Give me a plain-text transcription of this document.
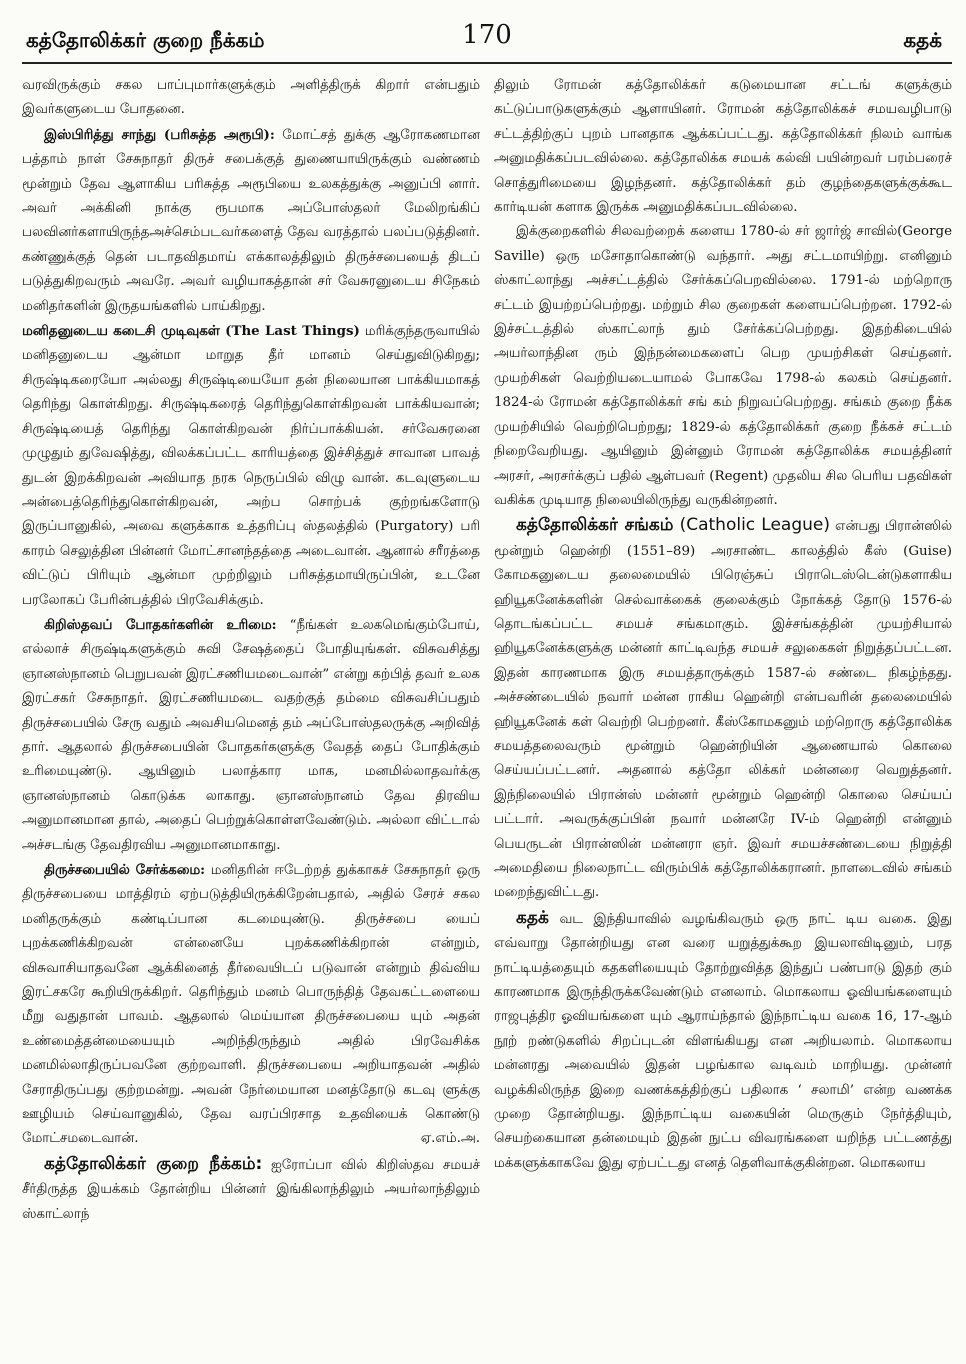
கத்தோலிக்கர் குறை நீக்கம்	170	கதக்

வரவிருக்கும் சகல பாப்புமார்களுக்கும் அளித்திருக் கிறார் என்பதும் இவர்களுடைய போதனை.

இஸ்பிரித்து சாந்து (பரிசுத்த அரூபி): மோட்சத் துக்கு ஆரோகணமான பத்தாம் நாள் சேசுநாதர் திருச் சபைக்குத் துணையாயிருக்கும் வண்ணம் மூன்றும் தேவ ஆளாகிய பரிசுத்த அரூபியை உலகத்துக்கு அனுப்பி னார். அவர் அக்கினி நாக்கு ரூபமாக அப்போஸ்தலர் மேலிறங்கிப் பலவினர்களாயிருந்தஅச்செம்படவர்களைத் தேவ வரத்தால் பலப்படுத்தினர். கண்ணுக்குத் தென் படாதவிதமாய் எக்காலத்திலும் திருச்சபையைத் திடப் படுத்துகிறவரும் அவரே. அவர் வழியாகத்தான் சர் வேசுரனுடைய சிநேகம் மனிதர்களின் இருதயங்களில் பாய்கிறது.

மனிதனுடைய கடைசி முடிவுகள் (The Last Things) மரிக்குந்தருவாயில் மனிதனுடைய ஆன்மா மாறுத தீர் மானம் செய்துவிடுகிறது; சிருஷ்டிகரையோ அல்லது சிருஷ்டியையோ தன் நிலையான பாக்கியமாகத் தெரிந்து கொள்கிறது. சிருஷ்டிகரைத் தெரிந்துகொள்கிறவன் பாக்கியவான்; சிருஷ்டியைத் தெரிந்து கொள்கிறவன் நிர்ப்பாக்கியன். சர்வேசுரனை முழுதும் துவேஷித்து, விலக்கப்பட்ட காரியத்தை இச்சித்துச் சாவான பாவத் துடன் இறக்கிறவன் அவியாத நரக நெருப்பில் விழு வான். கடவுளுடைய அன்பைத்தெரிந்துகொள்கிறவன், அற்ப சொற்பக் குற்றங்களோடு இருப்பானுகில், அவை களுக்காக உத்தரிப்பு ஸ்தலத்தில் (Purgatory) பரி காரம் செலுத்தின பின்னர் மோட்சானந்தத்தை அடைவான். ஆனால் சரீரத்தை விட்டுப் பிரியும் ஆன்மா முற்றிலும் பரிசுத்தமாயிருப்பின், உடனே பரலோகப் பேரின்பத்தில் பிரவேசிக்கும்.

கிறிஸ்தவப் போதகர்களின் உரிமை: “நீங்கள் உலகமெங்கும்போய், எல்லாச் சிருஷ்டிகளுக்கும் சுவி சேஷத்தைப் போதியுங்கள். விசுவசித்து ஞானஸ்நானம் பெறுபவன் இரட்சணியமடைவான்” என்று கற்பித் தவர் உலக இரட்சகர் சேசுநாதர். இரட்சணியமடை வதற்குத் தம்மை விசுவசிப்பதும் திருச்சபையில் சேரு வதும் அவசியமெனத் தம் அப்போஸ்தலருக்கு அறிவித் தார். ஆதலால் திருச்சபையின் போதகர்களுக்கு வேதத் தைப் போதிக்கும் உரிமையுண்டு. ஆயினும் பலாத்கார மாக, மனமில்லாதவர்க்கு ஞானஸ்நானம் கொடுக்க லாகாது. ஞானஸ்நானம் தேவ திரவிய அனுமானமான தால், அதைப் பெற்றுக்கொள்ளவேண்டும். அல்லா விட்டால் அச்சடங்கு தேவதிரவிய அனுமானமாகாது.

திருச்சபையில் சேர்க்கமை: மனிதரின் ஈடேற்றத் துக்காகச் சேசுநாதர் ஒரு திருச்சபையை மாத்திரம் ஏற்படுத்தியிருக்கிறேன்பதால், அதில் சேரச் சகல மனிதருக்கும் கண்டிப்பான கடமையுண்டு. திருச்சபை யைப் புறக்கணிக்கிறவன் என்னையே புறக்கணிக்கிறான் என்றும், விசுவாசியாதவனே ஆக்கினைத் தீர்வையிடப் படுவான் என்றும் திவ்விய இரட்சகரே கூறியிருக்கிறர். தெரிந்தும் மனம் பொருந்தித் தேவகட்டளையை மீறு வதுதான் பாவம். ஆதலால் மெய்யான திருச்சபையை யும் அதன் உண்மைத்தன்மையையும் அறிந்திருந்தும் அதில் பிரவேசிக்க மனமில்லாதிருப்பவனே குற்றவாளி. திருச்சபையை அறியாதவன் அதில் சேராதிருப்பது குற்றமன்று. அவன் நேர்மையான மனத்தோடு கடவு ளுக்கு ஊழியம் செய்வானுகில், தேவ வரப்பிரசாத உதவியைக் கொண்டு மோட்சமடைவான்.	ஏ.எம்.அ.

கத்தோலிக்கர் குறை நீக்கம்: ஐரோப்பா வில் கிறிஸ்தவ சமயச் சீர்திருத்த இயக்கம் தோன்றிய பின்னர் இங்கிலாந்திலும் அயர்லாந்திலும் ஸ்காட்லாந்

திலும் ரோமன் கத்தோலிக்கர் கடுமையான சட்டங் களுக்கும் கட்டுப்பாடுகளுக்கும் ஆளாயினர். ரோமன் கத்தோலிக்கச் சமயவழிபாடு சட்டத்திற்குப் புறம் பானதாக ஆக்கப்பட்டது. கத்தோலிக்கர் நிலம் வாங்க அனுமதிக்கப்படவில்லை. கத்தோலிக்க சமயக் கல்வி பயின்றவர் பரம்பரைச் சொத்துரிமையை இழந்தனர். கத்தோலிக்கர் தம் குழந்தைகளுக்குக்கூட கார்டியன் களாக இருக்க அனுமதிக்கப்படவில்லை.

இக்குறைகளில் சிலவற்றைக் களைய 1780-ல் சர் ஜார்ஜ் சாவில்(George Saville) ஒரு மசோதாகொண்டு வந்தார். அது சட்டமாயிற்று. எனினும் ஸ்காட்லாந்து அச்சட்டத்தில் சேர்க்கப்பெறவில்லை. 1791-ல் மற்றொரு சட்டம் இயற்றப்பெற்றது. மற்றும் சில குறைகள் களையப்பெற்றன. 1792-ல் இச்சட்டத்தில் ஸ்காட்லாந் தும் சேர்க்கப்பெற்றது. இதற்கிடையில் அயர்லாந்தின ரும் இந்நன்மைகளைப் பெற முயற்சிகள் செய்தனர். முயற்சிகள் வெற்றியடையாமல் போகவே 1798-ல் கலகம் செய்தனர். 1824-ல் ரோமன் கத்தோலிக்கர் சங் கம் நிறுவப்பெற்றது. சங்கம் குறை நீக்க முயற்சியில் வெற்றிபெற்றது; 1829-ல் கத்தோலிக்கர் குறை நீக்கச் சட்டம் நிறைவேறியது. ஆயினும் இன்னும் ரோமன் கத்தோலிக்க சமயத்தினர் அரசர், அரசர்க்குப் பதில் ஆள்பவர் (Regent) முதலிய சில பெரிய பதவிகள் வகிக்க முடியாத நிலையிலிருந்து வருகின்றனர்.

கத்தோலிக்கர் சங்கம் (Catholic League) என்பது பிரான்ஸில் மூன்றும் ஹென்றி (1551–89) அரசாண்ட காலத்தில் கீஸ் (Guise) கோமகனுடைய தலைமையில் பிரெஞ்சுப் பிராடெஸ்டென்டுகளாகிய ஹியூகனேக்களின் செல்வாக்கைக் குலைக்கும் நோக்கத் தோடு 1576-ல் தொடங்கப்பட்ட சமயச் சங்கமாகும். இச்சங்கத்தின் முயற்சியால் ஹியூகனேக்களுக்கு மன்னர் காட்டிவந்த சமயச் சலுகைகள் நிறுத்தப்பட்டன. இதன் காரணமாக இரு சமயத்தாருக்கும் 1587-ல் சண்டை நிகழ்ந்தது. அச்சண்டையில் நவார் மன்ன ராகிய ஹென்றி என்பவரின் தலைமையில் ஹியூகனேக் கள் வெற்றி பெற்றனர். கீஸ்கோமகனும் மற்றொரு கத்தோலிக்க சமயத்தலைவரும் மூன்றும் ஹென்றியின் ஆணையால் கொலை செய்யப்பட்டனர். அதனால் கத்தோ லிக்கர் மன்னரை வெறுத்தனர். இந்நிலையில் பிரான்ஸ் மன்னர் மூன்றும் ஹென்றி கொலை செய்யப் பட்டார். அவருக்குப்பின் நவார் மன்னரே IV-ம் ஹென்றி என்னும் பெயருடன் பிரான்ஸின் மன்னரா ஞர். இவர் சமயச்சண்டையை நிறுத்தி அமைதியை நிலைநாட்ட விரும்பிக் கத்தோலிக்கரானர். நாளடைவில் சங்கம் மறைந்துவிட்டது.

கதக் வட இந்தியாவில் வழங்கிவரும் ஒரு நாட் டிய வகை. இது எவ்வாறு தோன்றியது என வரை யறுத்துக்கூற இயலாவிடினும், பரத நாட்டியத்தையும் கதகளியையும் தோற்றுவித்த இந்துப் பண்பாடு இதற் கும் காரணமாக இருந்திருக்கவேண்டும் எனலாம். மொகலாய ஓவியங்களையும் ராஜபுத்திர ஓவியங்களை யும் ஆராய்ந்தால் இந்நாட்டிய வகை 16, 17-ஆம் நூற் றண்டுகளில் சிறப்புடன் விளங்கியது என அறியலாம். மொகலாய மன்னரது அவையில் இதன் பழங்கால வடிவம் மாறியது. முன்னர் வழக்கிலிருந்த இறை வணக்கத்திற்குப் பதிலாக ‘ சலாமி’ என்ற வணக்க முறை தோன்றியது. இந்நாட்டிய வகையின் மெருகும் நேர்த்தியும், செயற்கையான தன்மையும் இதன் நுட்ப விவரங்களை யறிந்த பட்டணத்து மக்களுக்காகவே இது ஏற்பட்டது எனத் தெளிவாக்குகின்றன. மொகலாய
